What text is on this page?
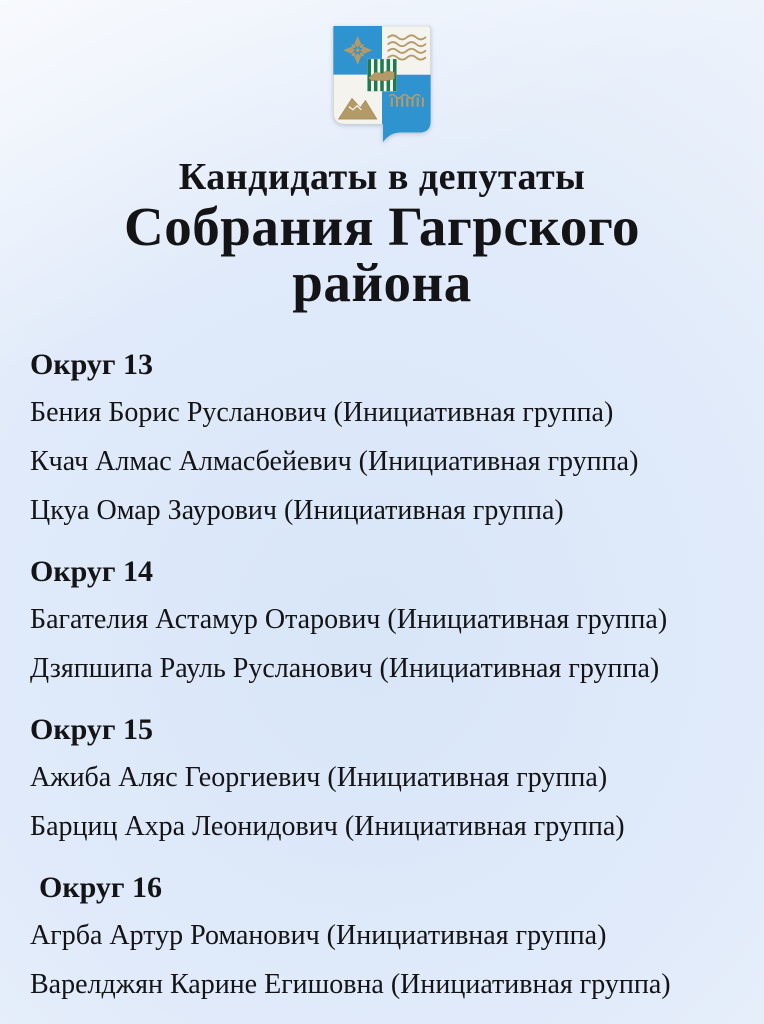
Кандидаты в депутаты
Собрания Гагрского
района
Округ 13
Бения Борис Русланович (Инициативная группа)
Кчач Алмас Алмасбейевич (Инициативная группа)
Цкуа Омар Заурович (Инициативная группа)
Округ 14
Багателия Астамур Отарович (Инициативная группа)
Дзяпшипа Рауль Русланович (Инициативная группа)
Округ 15
Ажиба Аляс Георгиевич (Инициативная группа)
Барциц Ахра Леонидович (Инициативная группа)
Округ 16
Агрба Артур Романович (Инициативная группа)
Варелджян Карине Егишовна (Инициативная группа)
